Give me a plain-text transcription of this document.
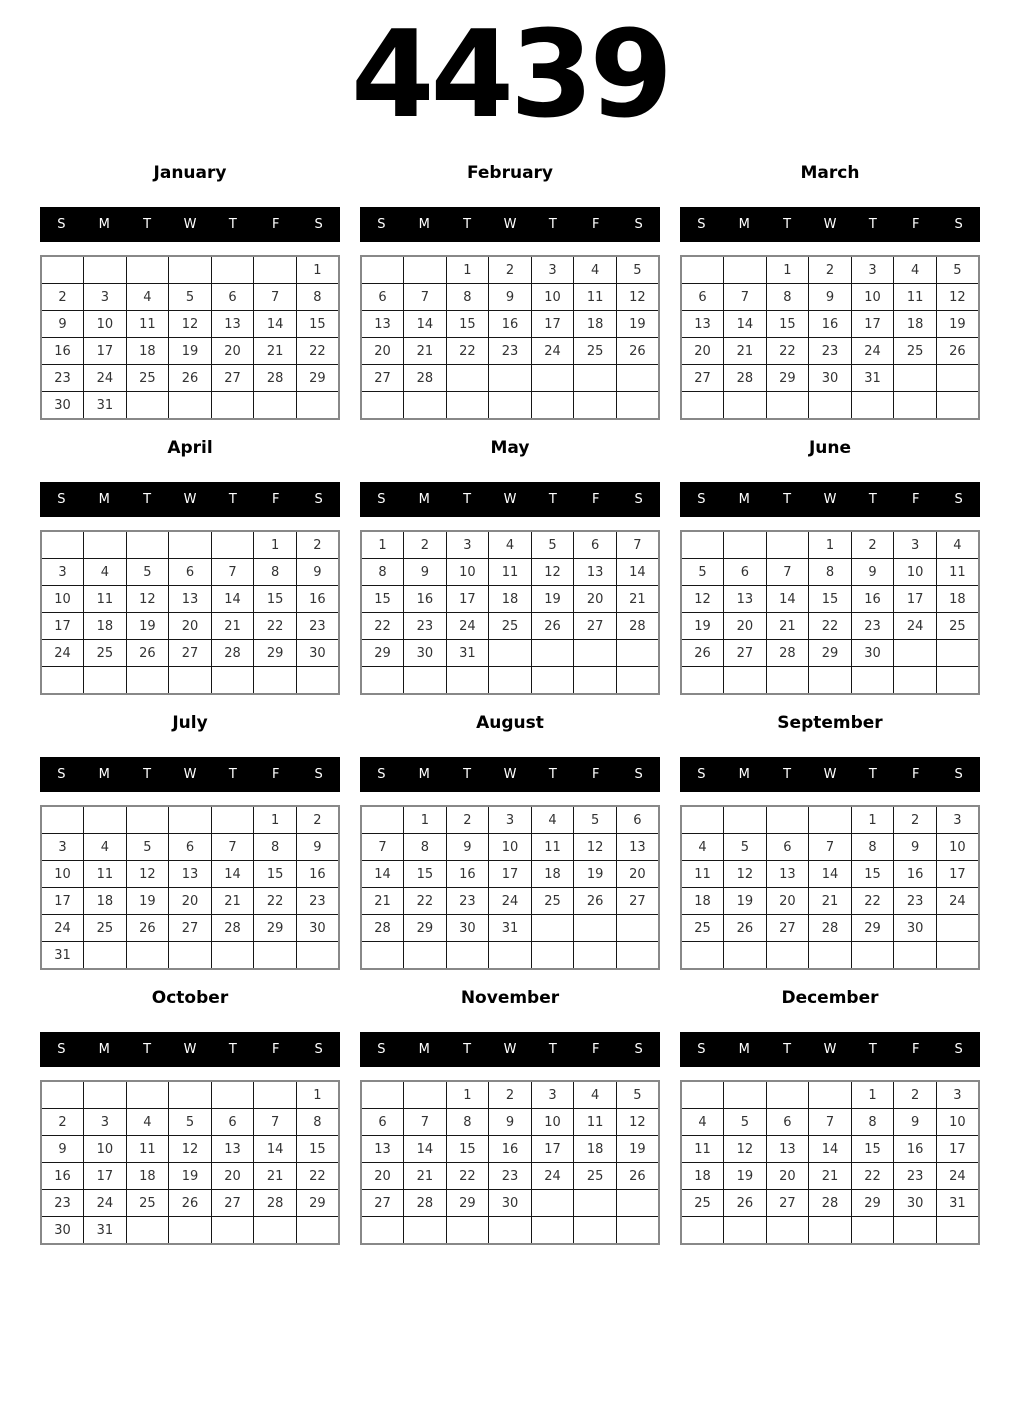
4439
January
S	M	T	W	T	F	S
						1
2	3	4	5	6	7	8
9	10	11	12	13	14	15
16	17	18	19	20	21	22
23	24	25	26	27	28	29
30	31					
February
S	M	T	W	T	F	S
		1	2	3	4	5
6	7	8	9	10	11	12
13	14	15	16	17	18	19
20	21	22	23	24	25	26
27	28					

March
S	M	T	W	T	F	S
		1	2	3	4	5
6	7	8	9	10	11	12
13	14	15	16	17	18	19
20	21	22	23	24	25	26
27	28	29	30	31		

April
S	M	T	W	T	F	S
					1	2
3	4	5	6	7	8	9
10	11	12	13	14	15	16
17	18	19	20	21	22	23
24	25	26	27	28	29	30

May
S	M	T	W	T	F	S
1	2	3	4	5	6	7
8	9	10	11	12	13	14
15	16	17	18	19	20	21
22	23	24	25	26	27	28
29	30	31				

June
S	M	T	W	T	F	S
			1	2	3	4
5	6	7	8	9	10	11
12	13	14	15	16	17	18
19	20	21	22	23	24	25
26	27	28	29	30		

July
S	M	T	W	T	F	S
					1	2
3	4	5	6	7	8	9
10	11	12	13	14	15	16
17	18	19	20	21	22	23
24	25	26	27	28	29	30
31						
August
S	M	T	W	T	F	S
	1	2	3	4	5	6
7	8	9	10	11	12	13
14	15	16	17	18	19	20
21	22	23	24	25	26	27
28	29	30	31			

September
S	M	T	W	T	F	S
				1	2	3
4	5	6	7	8	9	10
11	12	13	14	15	16	17
18	19	20	21	22	23	24
25	26	27	28	29	30	

October
S	M	T	W	T	F	S
						1
2	3	4	5	6	7	8
9	10	11	12	13	14	15
16	17	18	19	20	21	22
23	24	25	26	27	28	29
30	31					
November
S	M	T	W	T	F	S
		1	2	3	4	5
6	7	8	9	10	11	12
13	14	15	16	17	18	19
20	21	22	23	24	25	26
27	28	29	30			

December
S	M	T	W	T	F	S
				1	2	3
4	5	6	7	8	9	10
11	12	13	14	15	16	17
18	19	20	21	22	23	24
25	26	27	28	29	30	31
